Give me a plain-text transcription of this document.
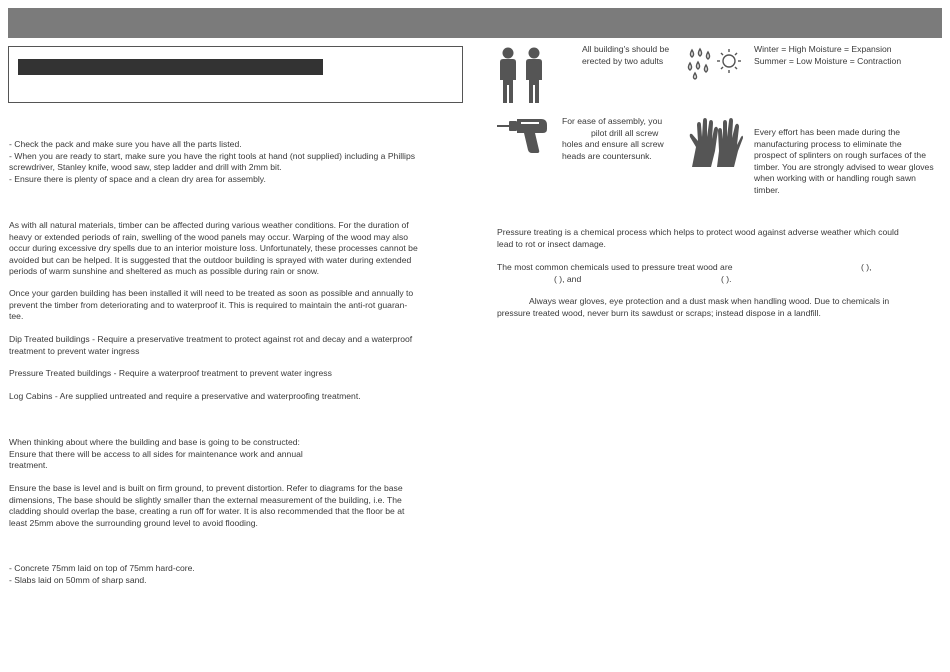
- Check the pack and make sure you have all the parts listed.
- When you are ready to start, make sure you have the right tools at hand (not supplied) including a Phillips
screwdriver, Stanley knife, wood saw, step ladder and drill with 2mm bit.
- Ensure there is plenty of space and a clean dry area for assembly.
As with all natural materials, timber can be affected during various weather conditions. For the duration of
heavy or extended periods of rain, swelling of the wood panels may occur. Warping of the wood may also
occur during excessive dry spells due to an interior moisture loss. Unfortunately, these processes cannot be
avoided but can be helped. It is suggested that the outdoor building is sprayed with water during extended
periods of warm sunshine and sheltered as much as possible during rain or snow.
Once your garden building has been installed it will need to be treated as soon as possible and annually to
prevent the timber from deteriorating and to waterproof it. This is required to maintain the anti-rot guaran-
tee.
Dip Treated buildings - Require a preservative treatment to protect against rot and decay and a waterproof
treatment to prevent water ingress
Pressure Treated buildings - Require a waterproof treatment to prevent water ingress
Log Cabins - Are supplied untreated and require a preservative and waterproofing treatment.
When thinking about where the building and base is going to be constructed:
Ensure that there will be access to all sides for maintenance work and annual
treatment.
Ensure the base is level and is built on firm ground, to prevent distortion. Refer to diagrams for the base
dimensions, The base should be slightly smaller than the external measurement of the building, i.e. The
cladding should overlap the base, creating a run off for water. It is also recommended that the floor be at
least 25mm above the surrounding ground level to avoid flooding.
- Concrete 75mm laid on top of 75mm hard-core.
- Slabs laid on 50mm of sharp sand.
All building's should be
erected by two adults
Winter = High Moisture = Expansion
Summer = Low Moisture = Contraction
For ease of assembly, you
pilot drill all screw
holes and ensure all screw
heads are countersunk.
Every effort has been made during the
manufacturing process to eliminate the
prospect of splinters on rough surfaces of the
timber. You are strongly advised to wear gloves
when working with or handling rough sawn
timber.
Pressure treating is a chemical process which helps to protect wood against adverse weather which could
lead to rot or insect damage.
The most common chemicals used to pressure treat wood are	( ),
( ), and	( ).
Always wear gloves, eye protection and a dust mask when handling wood. Due to chemicals in
pressure treated wood, never burn its sawdust or scraps; instead dispose in a landfill.
